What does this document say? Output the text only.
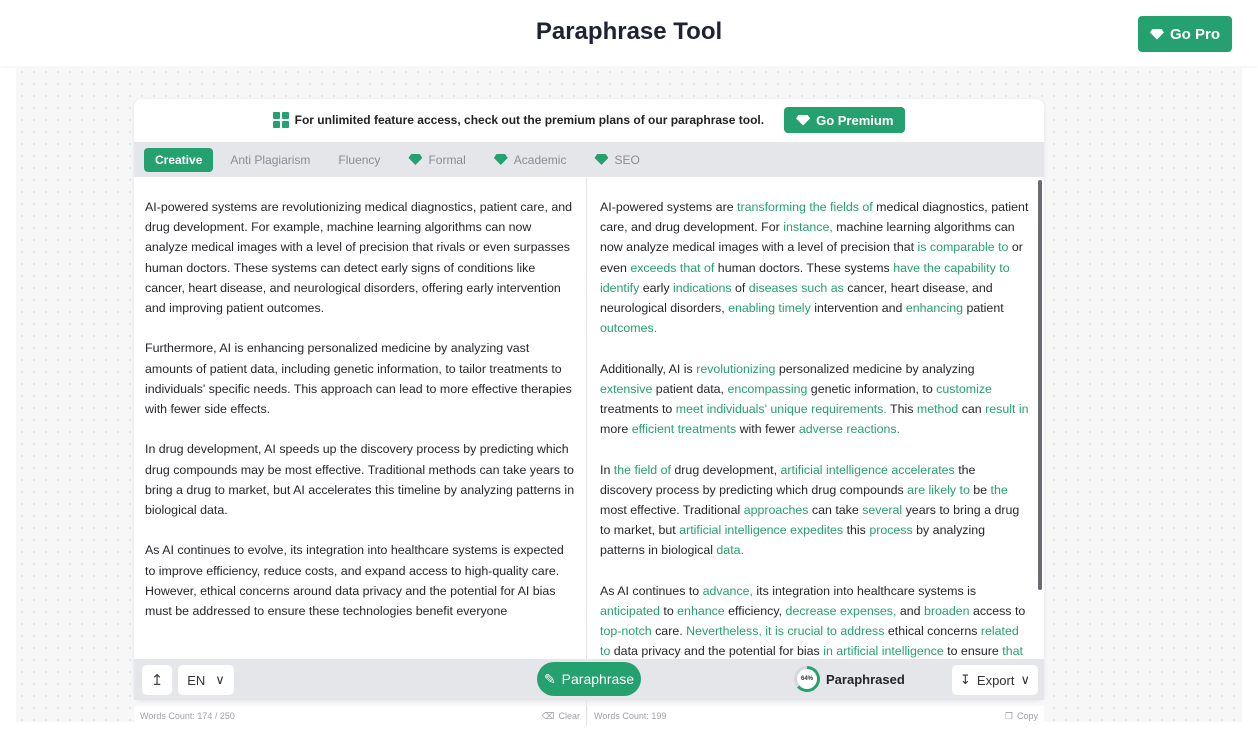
Paraphrase Tool	Go Pro
For unlimited feature access, check out the premium plans of our paraphrase tool.	Go Premium
Creative Anti Plagiarism Fluency	Formal	Academic	SEO

AI-powered systems are revolutionizing medical diagnostics, patient care, and drug development. For example, machine learning algorithms can now analyze medical images with a level of precision that rivals or even surpasses human doctors. These systems can detect early signs of conditions like cancer, heart disease, and neurological disorders, offering early intervention and improving patient outcomes.

Furthermore, AI is enhancing personalized medicine by analyzing vast amounts of patient data, including genetic information, to tailor treatments to individuals' specific needs. This approach can lead to more effective therapies with fewer side effects.

In drug development, AI speeds up the discovery process by predicting which drug compounds may be most effective. Traditional methods can take years to bring a drug to market, but AI accelerates this timeline by analyzing patterns in biological data.

As AI continues to evolve, its integration into healthcare systems is expected to improve efficiency, reduce costs, and expand access to high-quality care. However, ethical concerns around data privacy and the potential for AI bias must be addressed to ensure these technologies benefit everyone

Words Count: 174 / 250	⌫ Clear

AI-powered systems are transforming the fields of medical diagnostics, patient care, and drug development. For instance, machine learning algorithms can now analyze medical images with a level of precision that is comparable to or even exceeds that of human doctors. These systems have the capability to identify early indications of diseases such as cancer, heart disease, and neurological disorders, enabling timely intervention and enhancing patient outcomes.

Additionally, AI is revolutionizing personalized medicine by analyzing extensive patient data, encompassing genetic information, to customize treatments to meet individuals' unique requirements. This method can result in more efficient treatments with fewer adverse reactions.

In the field of drug development, artificial intelligence accelerates the discovery process by predicting which drug compounds are likely to be the most effective. Traditional approaches can take several years to bring a drug to market, but artificial intelligence expedites this process by analyzing patterns in biological data.

As AI continues to advance, its integration into healthcare systems is anticipated to enhance efficiency, decrease expenses, and broaden access to top-notch care. Nevertheless, it is crucial to address ethical concerns related to data privacy and the potential for bias in artificial intelligence to ensure that

Words Count: 199	❐ Copy
↥ EN ∨	✎ Paraphrase	64%	Paraphrased	↧ Export ∨
